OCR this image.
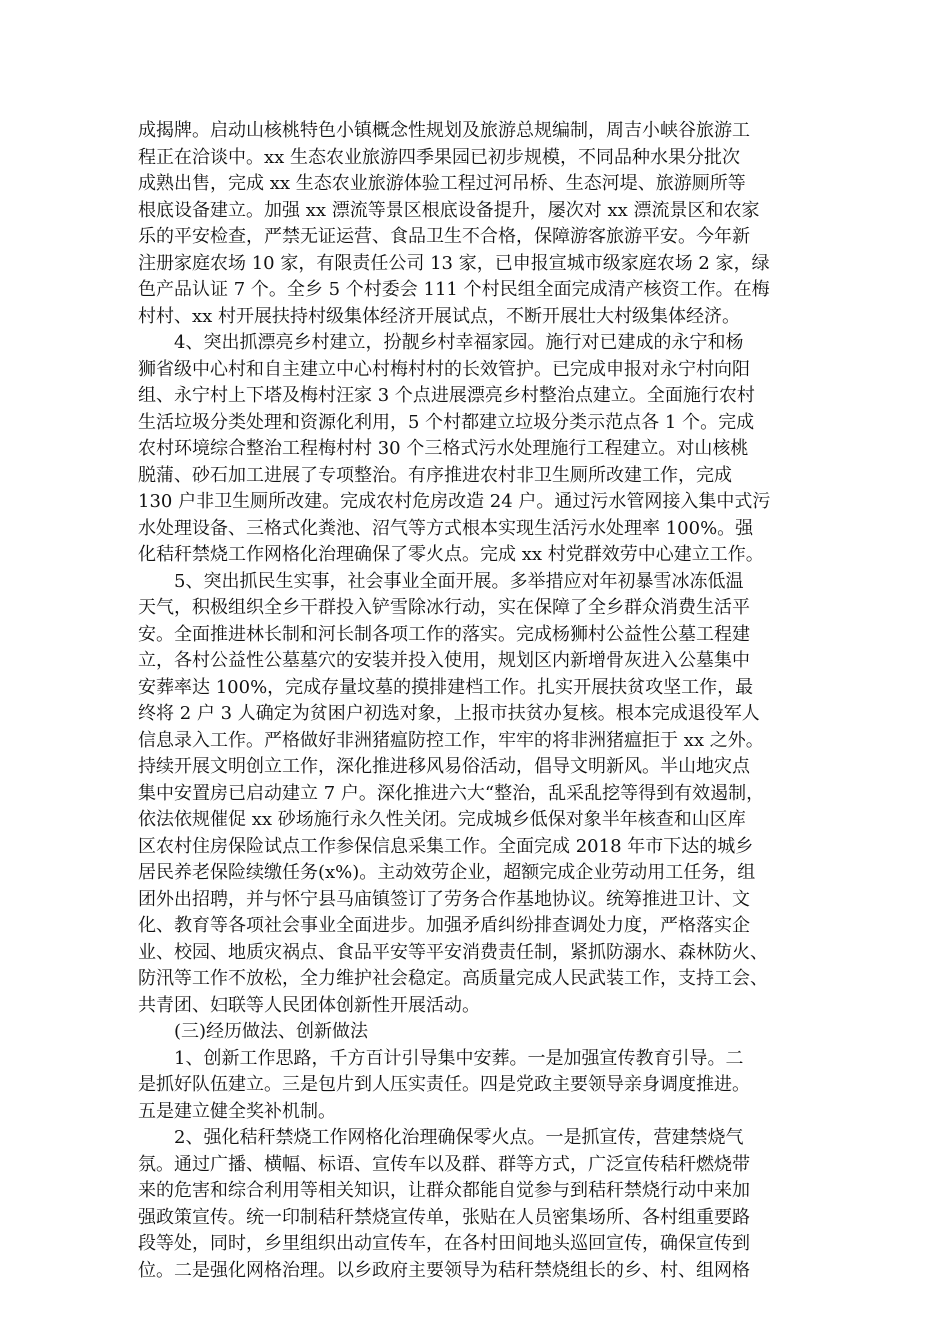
成揭牌。启动山核桃特色小镇概念性规划及旅游总规编制，周吉小峡谷旅游工
程正在洽谈中。xx 生态农业旅游四季果园已初步规模，不同品种水果分批次
成熟出售，完成 xx 生态农业旅游体验工程过河吊桥、生态河堤、旅游厕所等
根底设备建立。加强 xx 漂流等景区根底设备提升，屡次对 xx 漂流景区和农家
乐的平安检查，严禁无证运营、食品卫生不合格，保障游客旅游平安。今年新
注册家庭农场 10 家，有限责任公司 13 家，已申报宣城市级家庭农场 2 家，绿
色产品认证 7 个。全乡 5 个村委会 111 个村民组全面完成清产核资工作。在梅
村村、xx 村开展扶持村级集体经济开展试点，不断开展壮大村级集体经济。
4、突出抓漂亮乡村建立，扮靓乡村幸福家园。施行对已建成的永宁和杨
狮省级中心村和自主建立中心村梅村村的长效管护。已完成申报对永宁村向阳
组、永宁村上下塔及梅村汪家 3 个点进展漂亮乡村整治点建立。全面施行农村
生活垃圾分类处理和资源化利用，5 个村都建立垃圾分类示范点各 1 个。完成
农村环境综合整治工程梅村村 30 个三格式污水处理施行工程建立。对山核桃
脱蒲、砂石加工进展了专项整治。有序推进农村非卫生厕所改建工作，完成
130 户非卫生厕所改建。完成农村危房改造 24 户。通过污水管网接入集中式污
水处理设备、三格式化粪池、沼气等方式根本实现生活污水处理率 100%。强
化秸秆禁烧工作网格化治理确保了零火点。完成 xx 村党群效劳中心建立工作。
5、突出抓民生实事，社会事业全面开展。多举措应对年初暴雪冰冻低温
天气，积极组织全乡干群投入铲雪除冰行动，实在保障了全乡群众消费生活平
安。全面推进林长制和河长制各项工作的落实。完成杨狮村公益性公墓工程建
立，各村公益性公墓墓穴的安装并投入使用，规划区内新增骨灰进入公墓集中
安葬率达 100%，完成存量坟墓的摸排建档工作。扎实开展扶贫攻坚工作，最
终将 2 户 3 人确定为贫困户初选对象，上报市扶贫办复核。根本完成退役军人
信息录入工作。严格做好非洲猪瘟防控工作，牢牢的将非洲猪瘟拒于 xx 之外。
持续开展文明创立工作，深化推进移风易俗活动，倡导文明新风。半山地灾点
集中安置房已启动建立 7 户。深化推进六大“整治，乱采乱挖等得到有效遏制，
依法依规催促 xx 砂场施行永久性关闭。完成城乡低保对象半年核查和山区库
区农村住房保险试点工作参保信息采集工作。全面完成 2018 年市下达的城乡
居民养老保险续缴任务(x%)。主动效劳企业，超额完成企业劳动用工任务，组
团外出招聘，并与怀宁县马庙镇签订了劳务合作基地协议。统筹推进卫计、文
化、教育等各项社会事业全面进步。加强矛盾纠纷排查调处力度，严格落实企
业、校园、地质灾祸点、食品平安等平安消费责任制，紧抓防溺水、森林防火、
防汛等工作不放松，全力维护社会稳定。高质量完成人民武装工作，支持工会、
共青团、妇联等人民团体创新性开展活动。
(三)经历做法、创新做法
1、创新工作思路，千方百计引导集中安葬。一是加强宣传教育引导。二
是抓好队伍建立。三是包片到人压实责任。四是党政主要领导亲身调度推进。
五是建立健全奖补机制。
2、强化秸秆禁烧工作网格化治理确保零火点。一是抓宣传，营建禁烧气
氛。通过广播、横幅、标语、宣传车以及群、群等方式，广泛宣传秸秆燃烧带
来的危害和综合利用等相关知识，让群众都能自觉参与到秸秆禁烧行动中来加
强政策宣传。统一印制秸秆禁烧宣传单，张贴在人员密集场所、各村组重要路
段等处，同时，乡里组织出动宣传车，在各村田间地头巡回宣传，确保宣传到
位。二是强化网格治理。以乡政府主要领导为秸秆禁烧组长的乡、村、组网格
